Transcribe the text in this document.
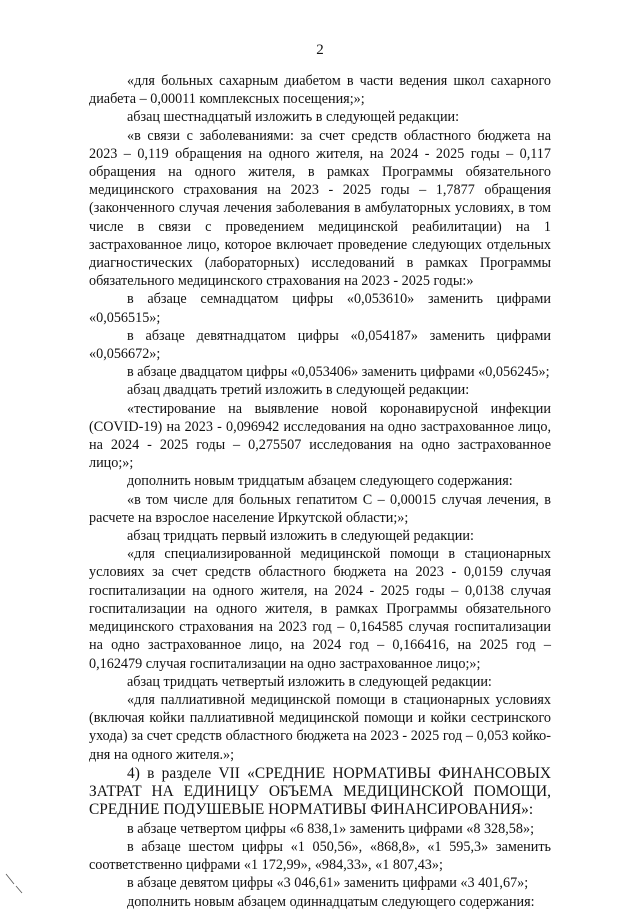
2

«для больных сахарным диабетом в части ведения школ сахарного диабета – 0,00011 комплексных посещения;»;

абзац шестнадцатый изложить в следующей редакции:

«в связи с заболеваниями: за счет средств областного бюджета на 2023 – 0,119 обращения на одного жителя, на 2024 - 2025 годы – 0,117 обращения на одного жителя, в рамках Программы обязательного медицинского страхования на 2023 - 2025 годы – 1,7877 обращения (законченного случая лечения заболевания в амбулаторных условиях, в том числе в связи с проведением медицинской реабилитации) на 1 застрахованное лицо, которое включает проведение следующих отдельных диагностических (лабораторных) исследований в рамках Программы обязательного медицинского страхования на 2023 - 2025 годы:»

в абзаце семнадцатом цифры «0,053610» заменить цифрами «0,056515»;

в абзаце девятнадцатом цифры «0,054187» заменить цифрами «0,056672»;

в абзаце двадцатом цифры «0,053406» заменить цифрами «0,056245»;

абзац двадцать третий изложить в следующей редакции:

«тестирование на выявление новой коронавирусной инфекции (COVID-19) на 2023 - 0,096942 исследования на одно застрахованное лицо, на 2024 - 2025 годы – 0,275507 исследования на одно застрахованное лицо;»;

дополнить новым тридцатым абзацем следующего содержания:

«в том числе для больных гепатитом С – 0,00015 случая лечения, в расчете на взрослое население Иркутской области;»;

абзац тридцать первый изложить в следующей редакции:

«для специализированной медицинской помощи в стационарных условиях за счет средств областного бюджета на 2023 - 0,0159 случая госпитализации на одного жителя, на 2024 - 2025 годы – 0,0138 случая госпитализации на одного жителя, в рамках Программы обязательного медицинского страхования на 2023 год – 0,164585 случая госпитализации на одно застрахованное лицо, на 2024 год – 0,166416, на 2025 год – 0,162479 случая госпитализации на одно застрахованное лицо;»;

абзац тридцать четвертый изложить в следующей редакции:

«для паллиативной медицинской помощи в стационарных условиях (включая койки паллиативной медицинской помощи и койки сестринского ухода) за счет средств областного бюджета на 2023 - 2025 год – 0,053 койко-дня на одного жителя.»;

4) в разделе VII «СРЕДНИЕ НОРМАТИВЫ ФИНАНСОВЫХ ЗАТРАТ НА ЕДИНИЦУ ОБЪЕМА МЕДИЦИНСКОЙ ПОМОЩИ, СРЕДНИЕ ПОДУШЕВЫЕ НОРМАТИВЫ ФИНАНСИРОВАНИЯ»:

в абзаце четвертом цифры «6 838,1» заменить цифрами «8 328,58»;

в абзаце шестом цифры «1 050,56», «868,8», «1 595,3» заменить соответственно цифрами «1 172,99», «984,33», «1 807,43»;

в абзаце девятом цифры «3 046,61» заменить цифрами «3 401,67»;

дополнить новым абзацем одиннадцатым следующего содержания:
